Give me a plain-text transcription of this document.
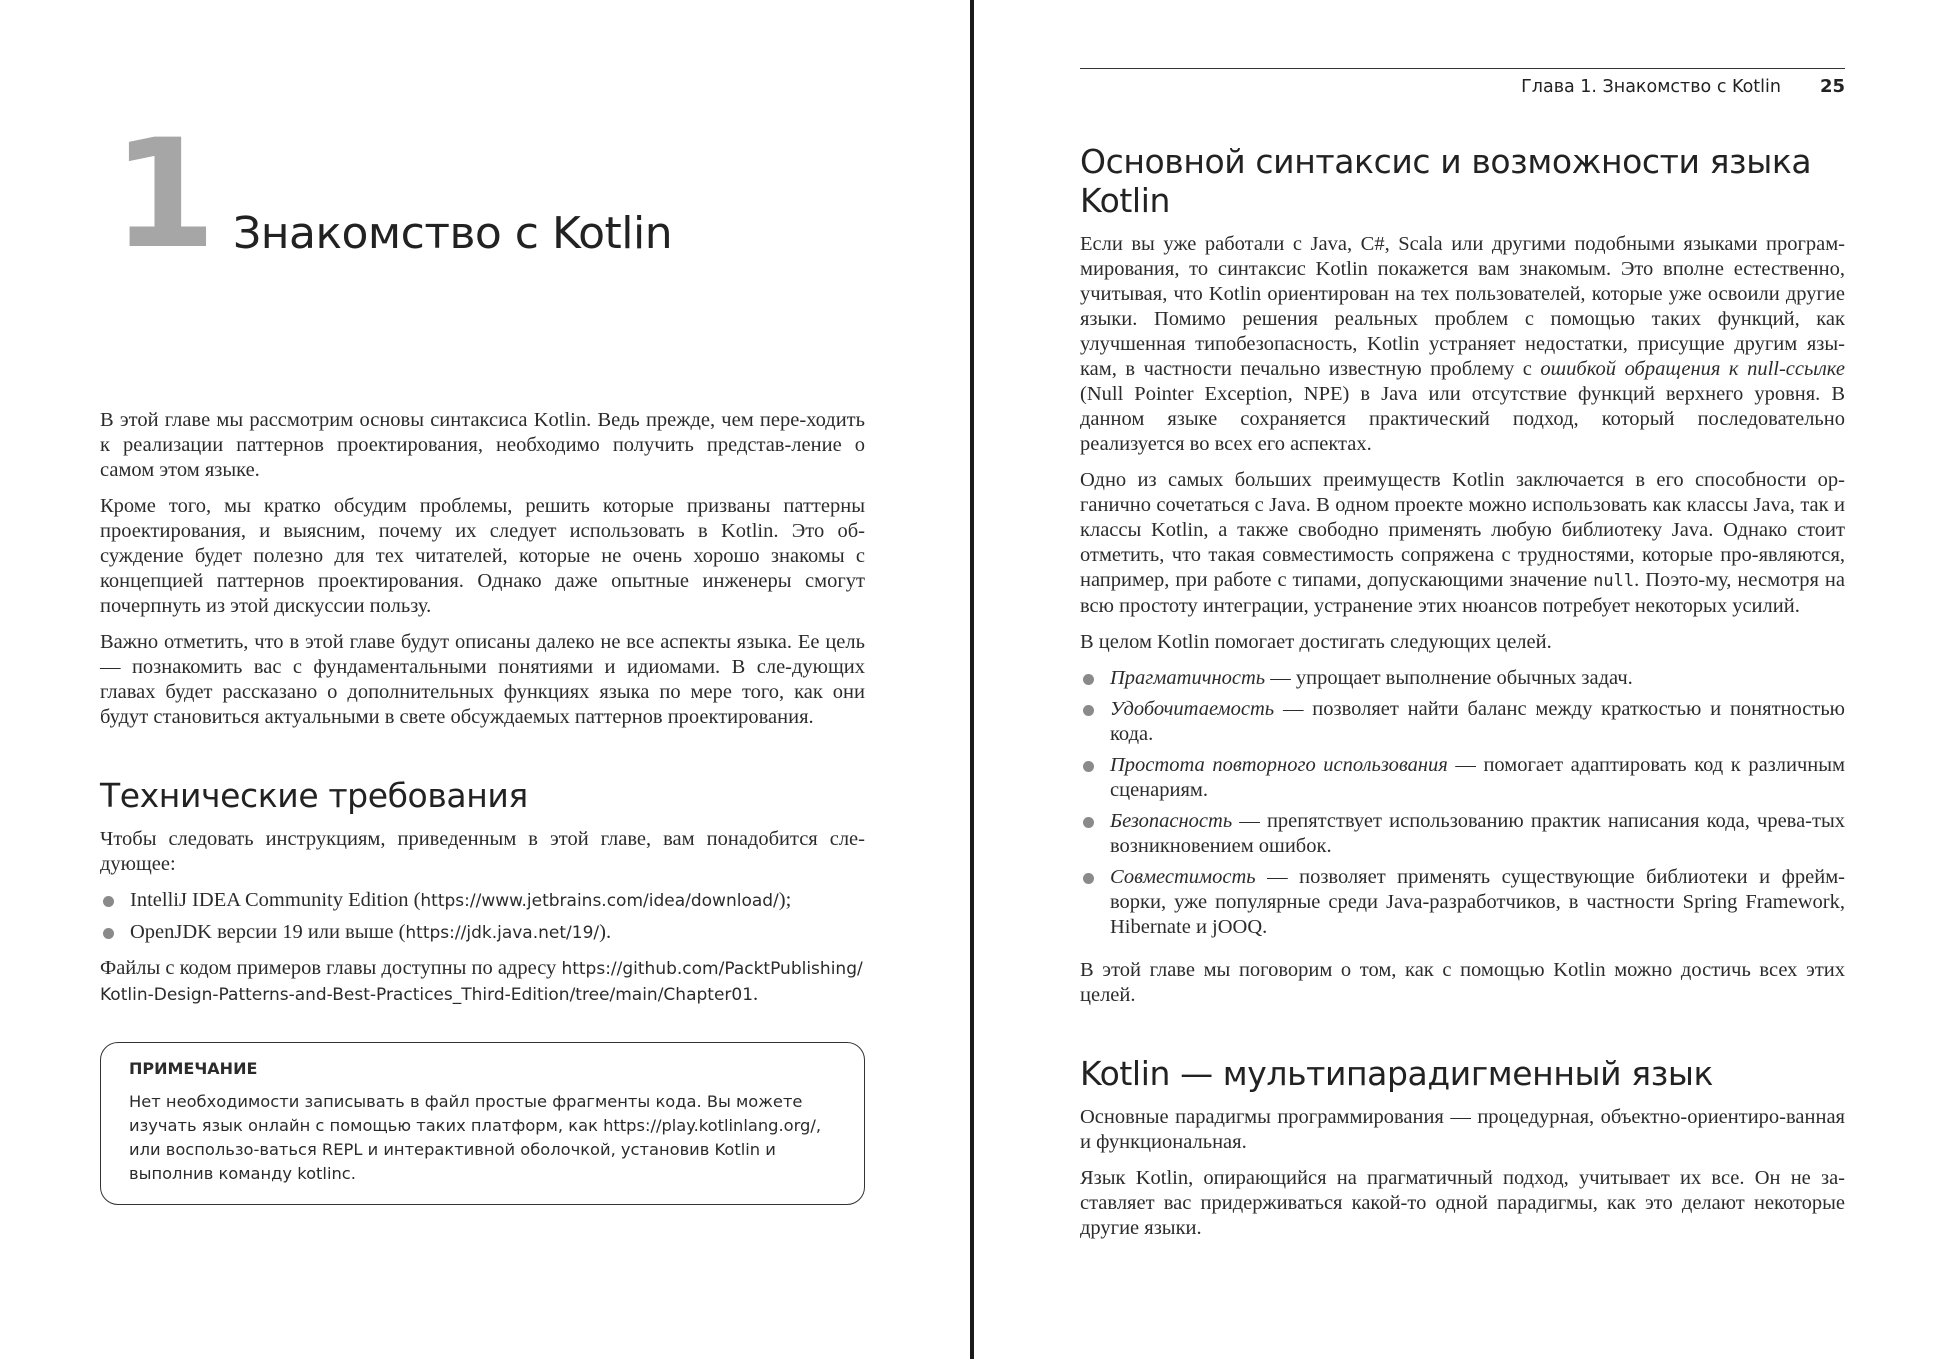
1 Знакомство с Kotlin

В этой главе мы рассмотрим основы синтаксиса Kotlin. Ведь прежде, чем пере-ходить к реализации паттернов проектирования, необходимо получить представ-ление о самом этом языке.

Кроме того, мы кратко обсудим проблемы, решить которые призваны паттерны проектирования, и выясним, почему их следует использовать в Kotlin. Это об-суждение будет полезно для тех читателей, которые не очень хорошо знакомы с концепцией паттернов проектирования. Однако даже опытные инженеры смогут почерпнуть из этой дискуссии пользу.

Важно отметить, что в этой главе будут описаны далеко не все аспекты языка. Ее цель — познакомить вас с фундаментальными понятиями и идиомами. В сле-дующих главах будет рассказано о дополнительных функциях языка по мере того, как они будут становиться актуальными в свете обсуждаемых паттернов проектирования.

Технические требования

Чтобы следовать инструкциям, приведенным в этой главе, вам понадобится сле-дующее:

IntelliJ IDEA Community Edition (https://www.jetbrains.com/idea/download/);
OpenJDK версии 19 или выше (https://jdk.java.net/19/).

Файлы с кодом примеров главы доступны по адресу https://github.com/PacktPublishing/Kotlin-Design-Patterns-and-Best-Practices_Third-Edition/tree/main/Chapter01.

ПРИМЕЧАНИЕ

Нет необходимости записывать в файл простые фрагменты кода. Вы можете изучать язык онлайн с помощью таких платформ, как https://play.kotlinlang.org/, или воспользо-ваться REPL и интерактивной оболочкой, установив Kotlin и выполнив команду kotlinc.

Глава 1. Знакомство с Kotlin 25
Основной синтаксис и возможности языка Kotlin

Если вы уже работали с Java, C#, Scala или другими подобными языками програм-мирования, то синтаксис Kotlin покажется вам знакомым. Это вполне естественно, учитывая, что Kotlin ориентирован на тех пользователей, которые уже освоили другие языки. Помимо решения реальных проблем с помощью таких функций, как улучшенная типобезопасность, Kotlin устраняет недостатки, присущие другим язы-кам, в частности печально известную проблему с ошибкой обращения к null-ссылке (Null Pointer Exception, NPE) в Java или отсутствие функций верхнего уровня. В данном языке сохраняется практический подход, который последовательно реализуется во всех его аспектах.

Одно из самых больших преимуществ Kotlin заключается в его способности ор-ганично сочетаться с Java. В одном проекте можно использовать как классы Java, так и классы Kotlin, а также свободно применять любую библиотеку Java. Однако стоит отметить, что такая совместимость сопряжена с трудностями, которые про-являются, например, при работе с типами, допускающими значение null. Поэто-му, несмотря на всю простоту интеграции, устранение этих нюансов потребует некоторых усилий.

В целом Kotlin помогает достигать следующих целей.

Прагматичность — упрощает выполнение обычных задач.
Удобочитаемость — позволяет найти баланс между краткостью и понятностью кода.
Простота повторного использования — помогает адаптировать код к различным сценариям.
Безопасность — препятствует использованию практик написания кода, чрева-тых возникновением ошибок.
Совместимость — позволяет применять существующие библиотеки и фрейм-ворки, уже популярные среди Java-разработчиков, в частности Spring Framework, Hibernate и jOOQ.

В этой главе мы поговорим о том, как с помощью Kotlin можно достичь всех этих целей.

Kotlin — мультипарадигменный язык

Основные парадигмы программирования — процедурная, объектно-ориентиро-ванная и функциональная.

Язык Kotlin, опирающийся на прагматичный подход, учитывает их все. Он не за-ставляет вас придерживаться какой-то одной парадигмы, как это делают некоторые другие языки.
